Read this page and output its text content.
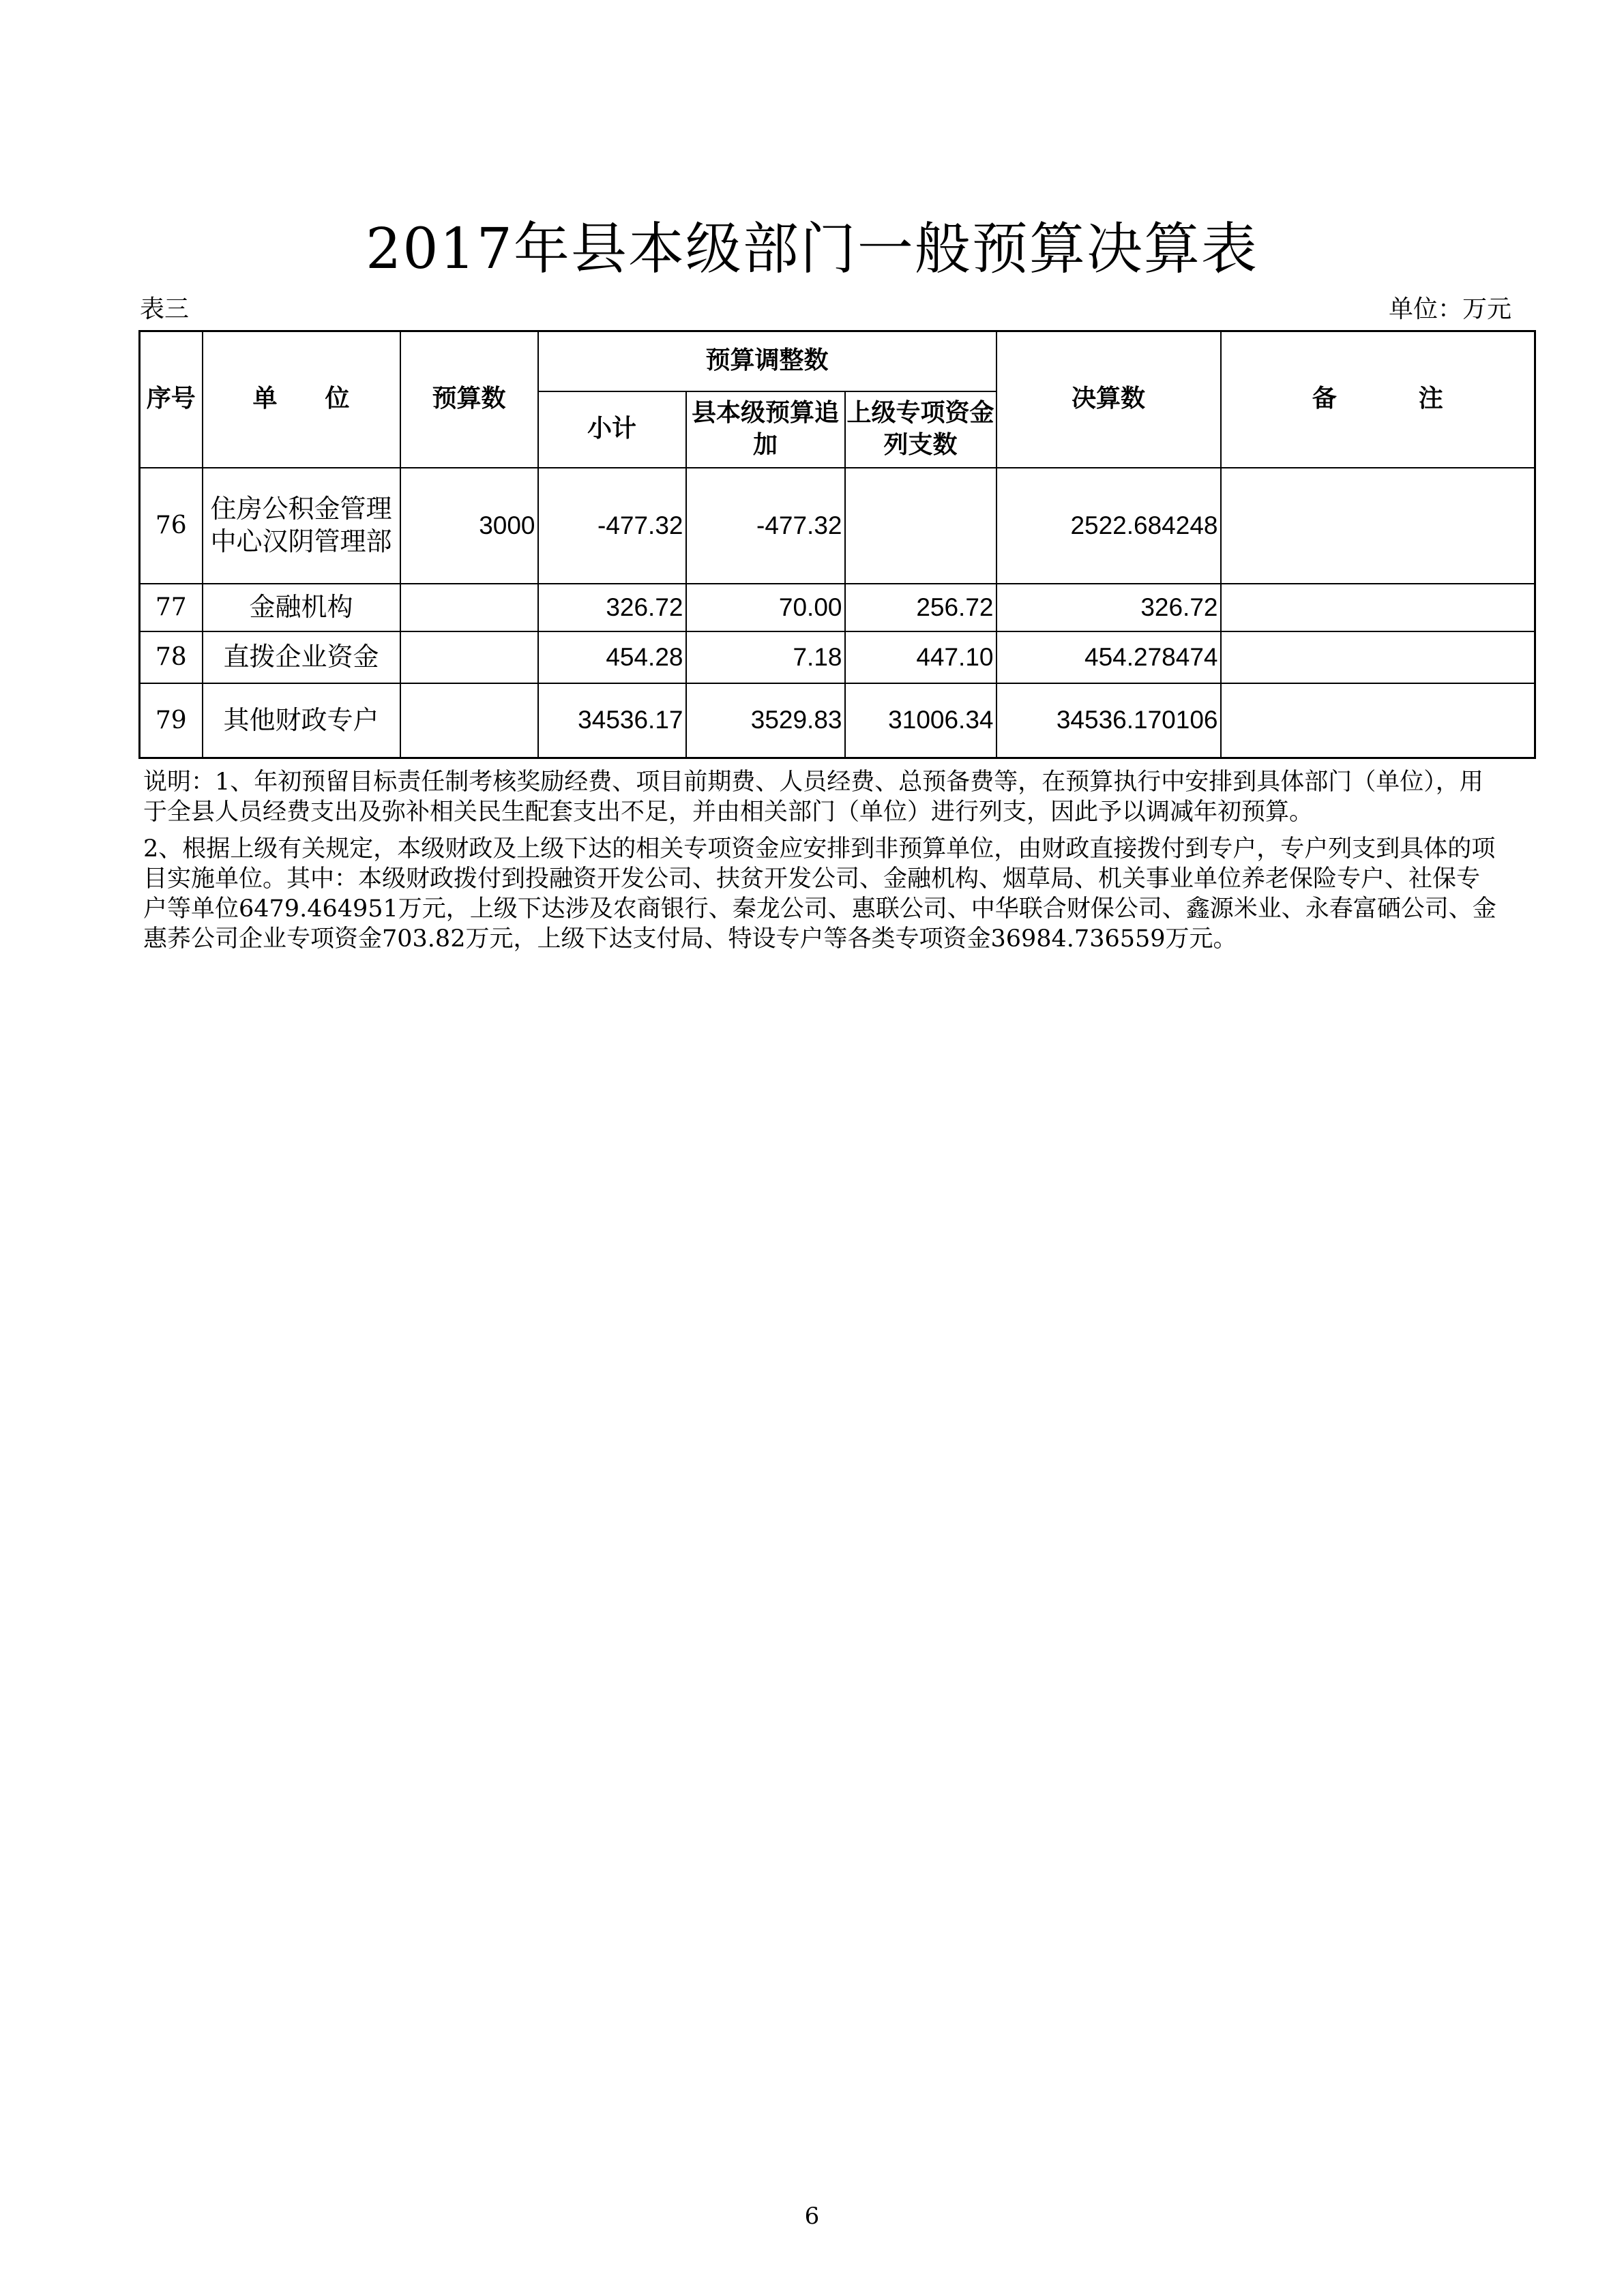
2017年县本级部门一般预算决算表
表三	单位：万元
序号	单位	预算数	预算调整数			决算数	备注
			小计	县本级预算追加	上级专项资金列支数		
76	住房公积金管理中心汉阴管理部	3000	-477.32	-477.32		2522.684248	
77	金融机构		326.72	70.00	256.72	326.72	
78	直拨企业资金		454.28	7.18	447.10	454.278474	
79	其他财政专户		34536.17	3529.83	31006.34	34536.170106	

说明：1、年初预留目标责任制考核奖励经费、项目前期费、人员经费、总预备费等，在预算执行中安排到具体部门（单位），用于全县人员经费支出及弥补相关民生配套支出不足，并由相关部门（单位）进行列支，因此予以调减年初预算。

2、根据上级有关规定，本级财政及上级下达的相关专项资金应安排到非预算单位，由财政直接拨付到专户，专户列支到具体的项目实施单位。其中：本级财政拨付到投融资开发公司、扶贫开发公司、金融机构、烟草局、机关事业单位养老保险专户、社保专户等单位6479.464951万元，上级下达涉及农商银行、秦龙公司、惠联公司、中华联合财保公司、鑫源米业、永春富硒公司、金惠荞公司企业专项资金703.82万元，上级下达支付局、特设专户等各类专项资金36984.736559万元。

6
